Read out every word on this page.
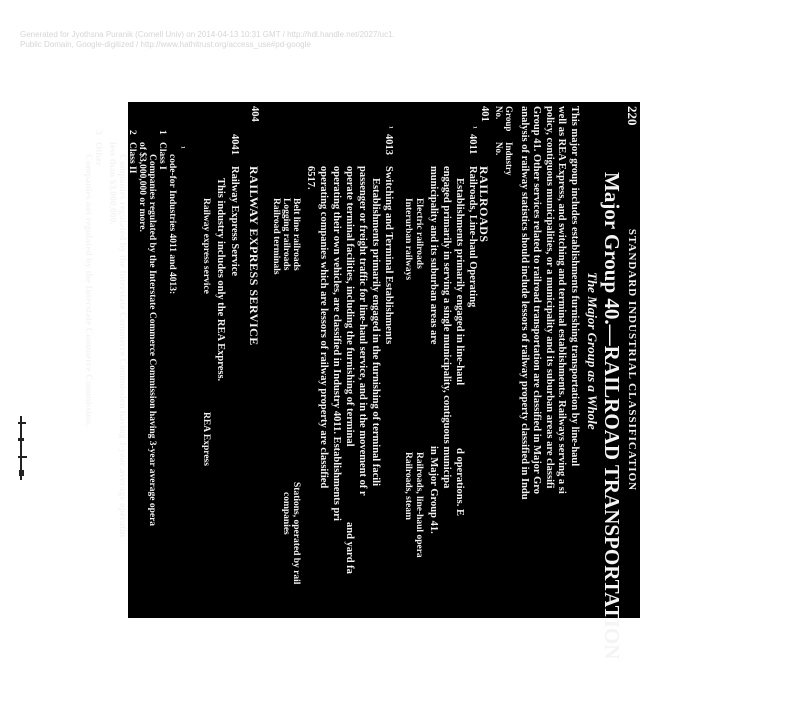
Generated for Jyothsna Puranik (Cornell Univ) on 2014-04-13 10:31 GMT / http://hdl.handle.net/2027/uc1.
Public Domain, Google-digitized / http://www.hathitrust.org/access_use#pd-google
220
STANDARD INDUSTRIAL CLASSIFICATION
Major Group 40.—RAILROAD TRANSPORTATION
The Major Group as a Whole
This major group includes establishments furnishing transportation by line-haul
well as REA Express, and switching and terminal establishments. Railways serving a si
policy, contiguous municipalities, or a municipality and its suburban areas are classifi
Group 41. Other services related to railroad transportation are classified in Major Gro
analysis of railway statistics should include lessors of railway property classified in Indu
Group No.
Industry No.
401
RAILROADS
¹
4011
Railroads, Line-haul Operating
Establishments primarily engaged in line-haul
d operations. E
engaged primarily in serving a single municipality, contiguous municipa
municipality and its suburban areas are
in Major Group 41.
Electric railroads
Railroads, line-haul opera
Interurban railways
Railroads, steam
¹
4013
Switching and Terminal Establishments
Establishments primarily engaged in the furnishing of terminal facili
passenger or freight traffic for line-haul service, and in the movement of r
operate terminal facilities, including the furnishing of terminal
and yard fa
operating their own vehicles, are classified in Industry 4011. Establishments pri
operating companies which are lessors of railway property are classified
6517.
Belt line railroads
Stations, operated by rail
Logging railroads
companies
Railroad terminals
404
RAILWAY EXPRESS SERVICE
4041
Railway Express Service
This industry includes only the REA Express.
Railway express service
REA Express
¹
code-for Industries 4011 and 4013:
1
Class I
Companies regulated by the Interstate Commerce Commission having 3-year average opera
of $3,000,000 or more.
2
Class II
Companies regulated by the Interstate Commerce Commission having 3-year average operatin
less than $3,000,000.
3
Other
Companies not regulated by the Interstate Commerce Commission.
